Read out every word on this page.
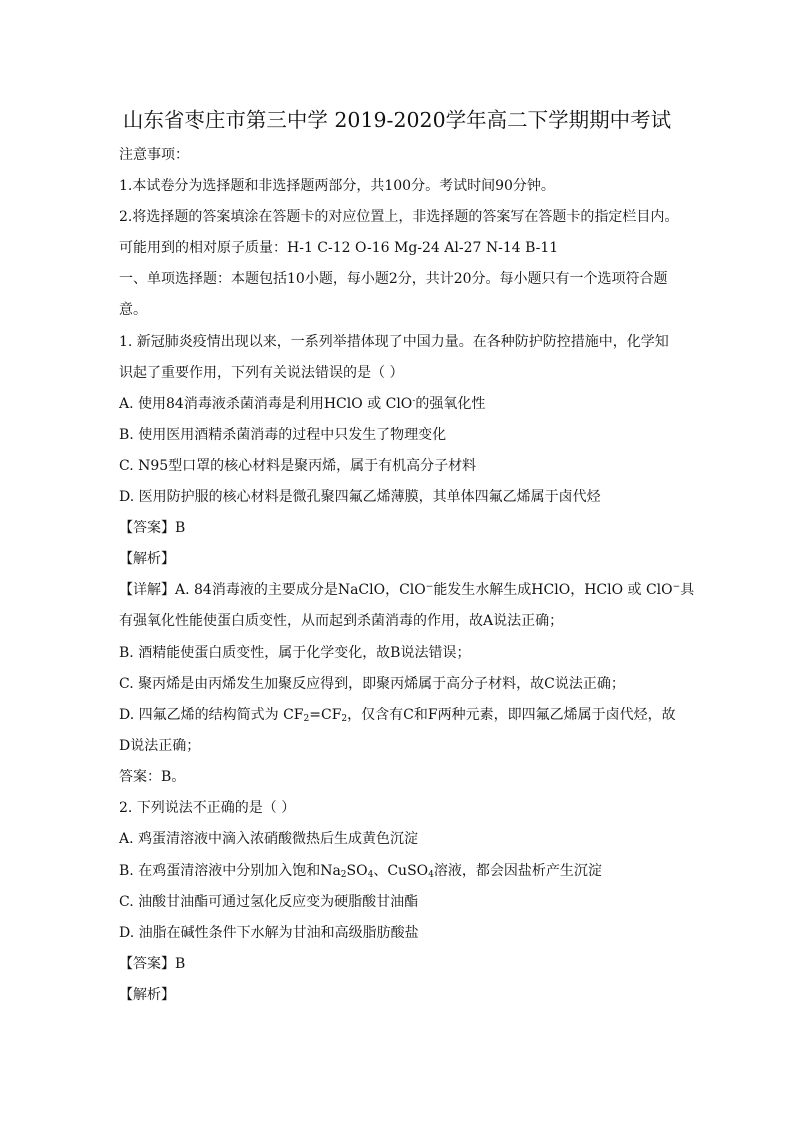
山东省枣庄市第三中学 2019-2020学年高二下学期期中考试
注意事项：
1.本试卷分为选择题和非选择题两部分，共100分。考试时间90分钟。
2.将选择题的答案填涂在答题卡的对应位置上，非选择题的答案写在答题卡的指定栏目内。
可能用到的相对原子质量：H-1 C-12 O-16 Mg-24 Al-27 N-14 B-11
一、单项选择题：本题包括10小题，每小题2分，共计20分。每小题只有一个选项符合题
意。
1. 新冠肺炎疫情出现以来，一系列举措体现了中国力量。在各种防护防控措施中，化学知
识起了重要作用，下列有关说法错误的是（ ）
A. 使用84消毒液杀菌消毒是利用HClO 或 ClO-的强氧化性
B. 使用医用酒精杀菌消毒的过程中只发生了物理变化
C. N95型口罩的核心材料是聚丙烯，属于有机高分子材料
D. 医用防护服的核心材料是微孔聚四氟乙烯薄膜，其单体四氟乙烯属于卤代烃
【答案】B
【解析】
【详解】A. 84消毒液的主要成分是NaClO，ClO−能发生水解生成HClO，HClO 或 ClO−具
有强氧化性能使蛋白质变性，从而起到杀菌消毒的作用，故A说法正确；
B. 酒精能使蛋白质变性，属于化学变化，故B说法错误；
C. 聚丙烯是由丙烯发生加聚反应得到，即聚丙烯属于高分子材料，故C说法正确；
D. 四氟乙烯的结构简式为 $CF_2=CF_2$，仅含有C和F两种元素，即四氟乙烯属于卤代烃，故
D说法正确；
答案：B。
2. 下列说法不正确的是（ ）
A. 鸡蛋清溶液中滴入浓硝酸微热后生成黄色沉淀
B. 在鸡蛋清溶液中分别加入饱和$Na_2SO_4$、CuSO$_4$溶液，都会因盐析产生沉淀
C. 油酸甘油酯可通过氢化反应变为硬脂酸甘油酯
D. 油脂在碱性条件下水解为甘油和高级脂肪酸盐
【答案】B
【解析】
